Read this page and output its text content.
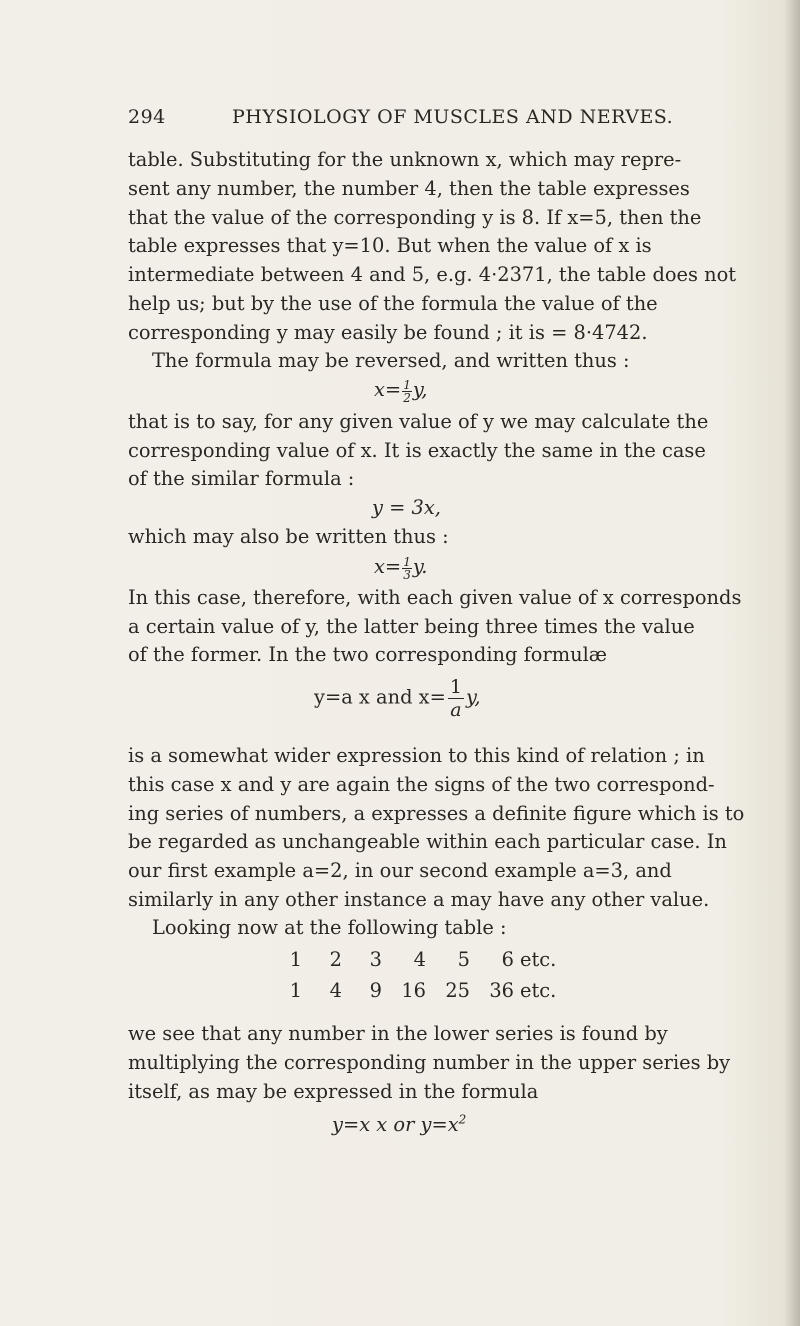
294	PHYSIOLOGY OF MUSCLES AND NERVES.
table. Substituting for the unknown x, which may repre-
sent any number, the number 4, then the table expresses
that the value of the corresponding y is 8. If x=5, then the
table expresses that y=10. But when the value of x is
intermediate between 4 and 5, e.g. 4·2371, the table does not
help us; but by the use of the formula the value of the
corresponding y may easily be found ; it is = 8·4742.
The formula may be reversed, and written thus :
$x= \frac{1}{2} y$,
that is to say, for any given value of y we may calculate the
corresponding value of x. It is exactly the same in the case
of the similar formula :
y = 3x,
which may also be written thus :
$x= \frac{1}{3} y$.
In this case, therefore, with each given value of x corresponds
a certain value of y, the latter being three times the value
of the former. In the two corresponding formulæ
y=a x and $x= \frac{1}{a} y$,
is a somewhat wider expression to this kind of relation ; in
this case x and y are again the signs of the two correspond-
ing series of numbers, a expresses a definite figure which is to
be regarded as unchangeable within each particular case. In
our first example a=2, in our second example a=3, and
similarly in any other instance a may have any other value.
Looking now at the following table :
1 2 3 4 5 6 etc.
1 4 9 16 25 36 etc.
we see that any number in the lower series is found by
multiplying the corresponding number in the upper series by
itself, as may be expressed in the formula
y=x x or $y=x^2$
